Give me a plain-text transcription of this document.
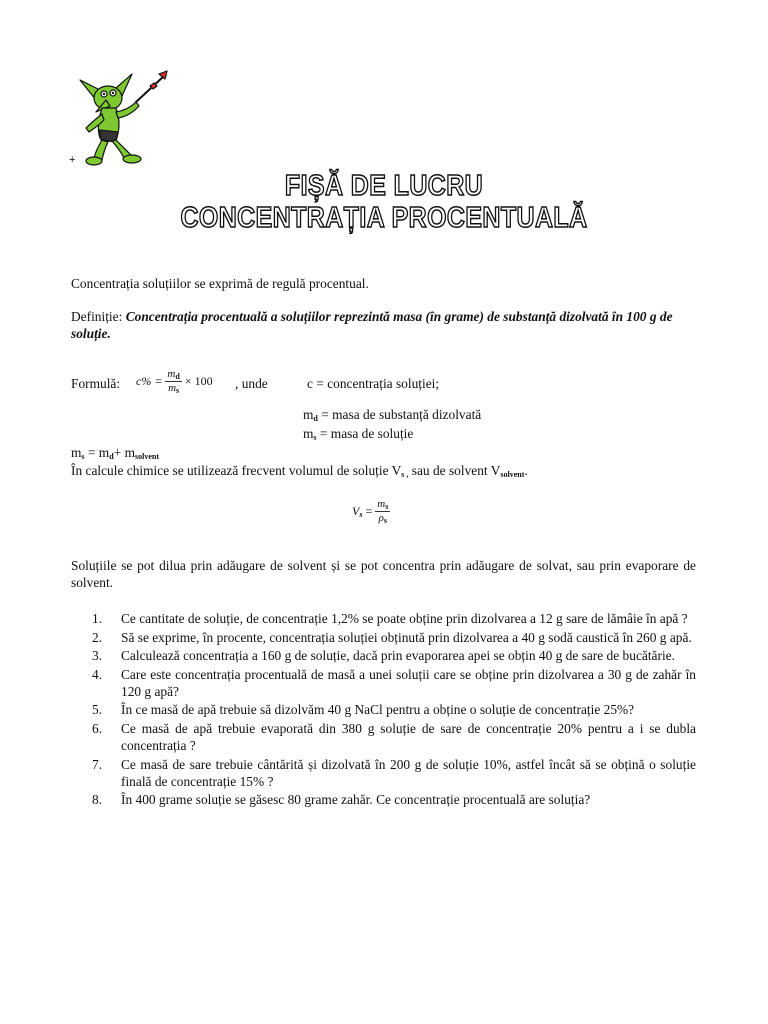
+
FIȘĂ DE LUCRU
CONCENTRAȚIA PROCENTUALĂ
Concentrația soluțiilor se exprimă de regulă procentual.
Definiție: Concentrația procentuală a soluțiilor reprezintă masa (în grame) de substanță dizolvată în 100 g de soluție.
Formulă: $c\% = \frac{m_d}{m_s} \times 100$ , unde	c = concentrația soluției;
$m_d$ = masa de substanță dizolvată
$m_s$ = masa de soluție
$m_s = m_d+ m_{solvent}$
În calcule chimice se utilizează frecvent volumul de soluție $V_{s ,}$ sau de solvent $V_{solvent}$.
$V_s = \frac{m_s}{\rho_s}$
Soluțiile se pot dilua prin adăugare de solvent și se pot concentra prin adăugare de solvat, sau prin evaporare de solvent.
1.	Ce cantitate de soluție, de concentrație 1,2% se poate obține prin dizolvarea a 12 g sare de lămâie în apă ?
2.	Să se exprime, în procente, concentrația soluției obținută prin dizolvarea a 40 g sodă caustică în 260 g apă.
3.	Calculează concentrația a 160 g de soluție, dacă prin evaporarea apei se obțin 40 g de sare de bucătărie.
4.	Care este concentrația procentuală de masă a unei soluții care se obține prin dizolvarea a 30 g de zahăr în 120 g apă?
5.	În ce masă de apă trebuie să dizolvăm 40 g NaCl pentru a obține o soluție de concentrație 25%?
6.	Ce masă de apă trebuie evaporată din 380 g soluție de sare de concentrație 20% pentru a i se dubla concentrația ?
7.	Ce masă de sare trebuie cântărită și dizolvată în 200 g de soluție 10%, astfel încât să se obțină o soluție finală de concentrație 15% ?
8.	În 400 grame soluție se găsesc 80 grame zahăr. Ce concentrație procentuală are soluția?
